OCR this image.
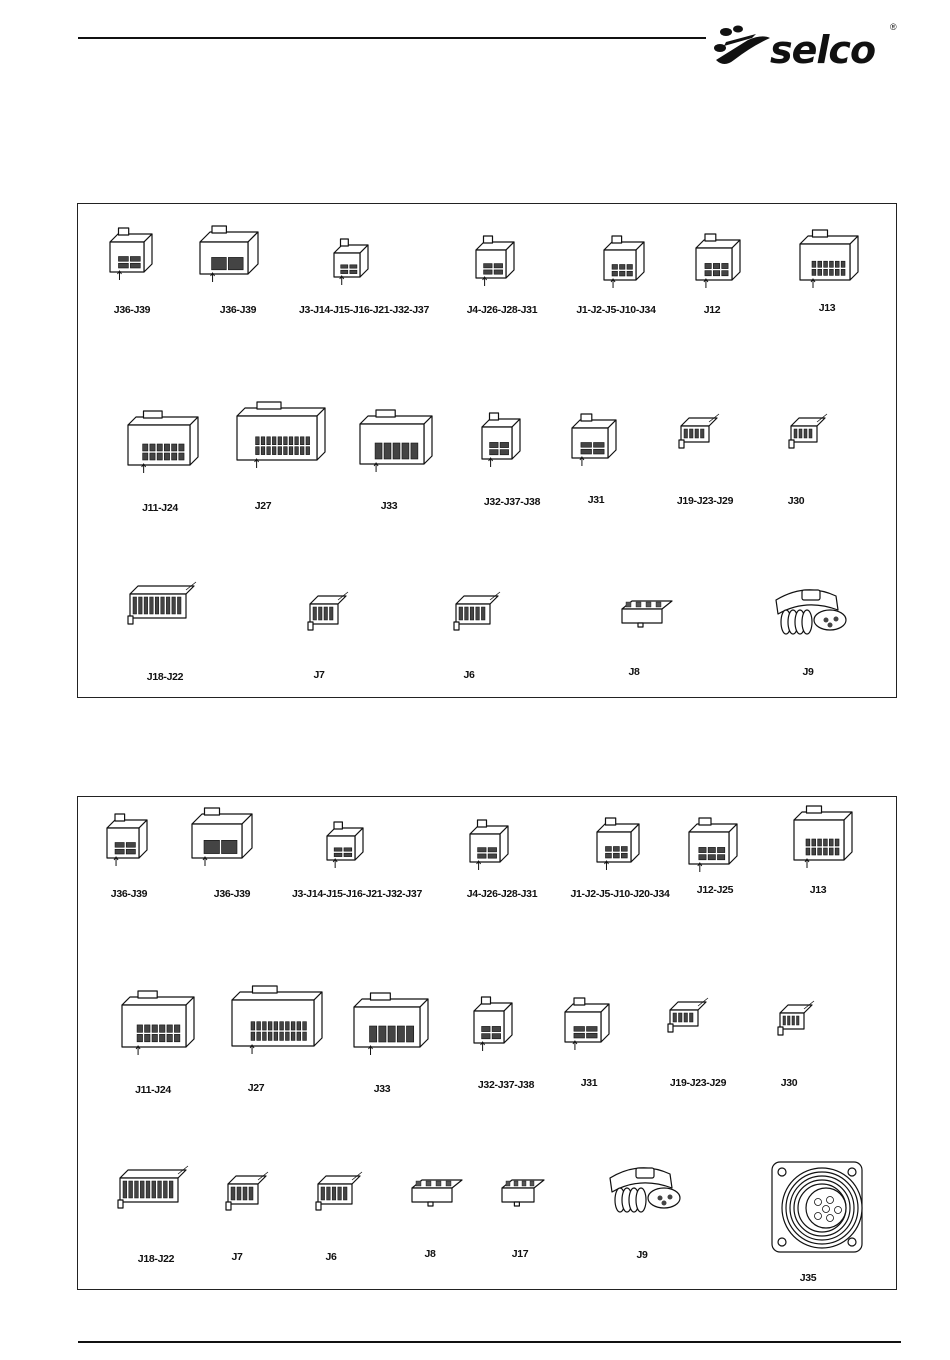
selco
®
J36-J39	J36-J39	J3-J14-J15-J16-J21-J32-J37	J4-J26-J28-J31	J1-J2-J5-J10-J34	J12	J13
J11-J24	J27	J33	J32-J37-J38	J31	J19-J23-J29	J30
J18-J22	J7	J6	J8	J9
J36-J39	J36-J39	J3-J14-J15-J16-J21-J32-J37	J4-J26-J28-J31	J1-J2-J5-J10-J20-J34	J12-J25	J13
J11-J24	J27	J33	J32-J37-J38	J31	J19-J23-J29	J30
J18-J22	J7	J6	J8	J17	J9
J35
